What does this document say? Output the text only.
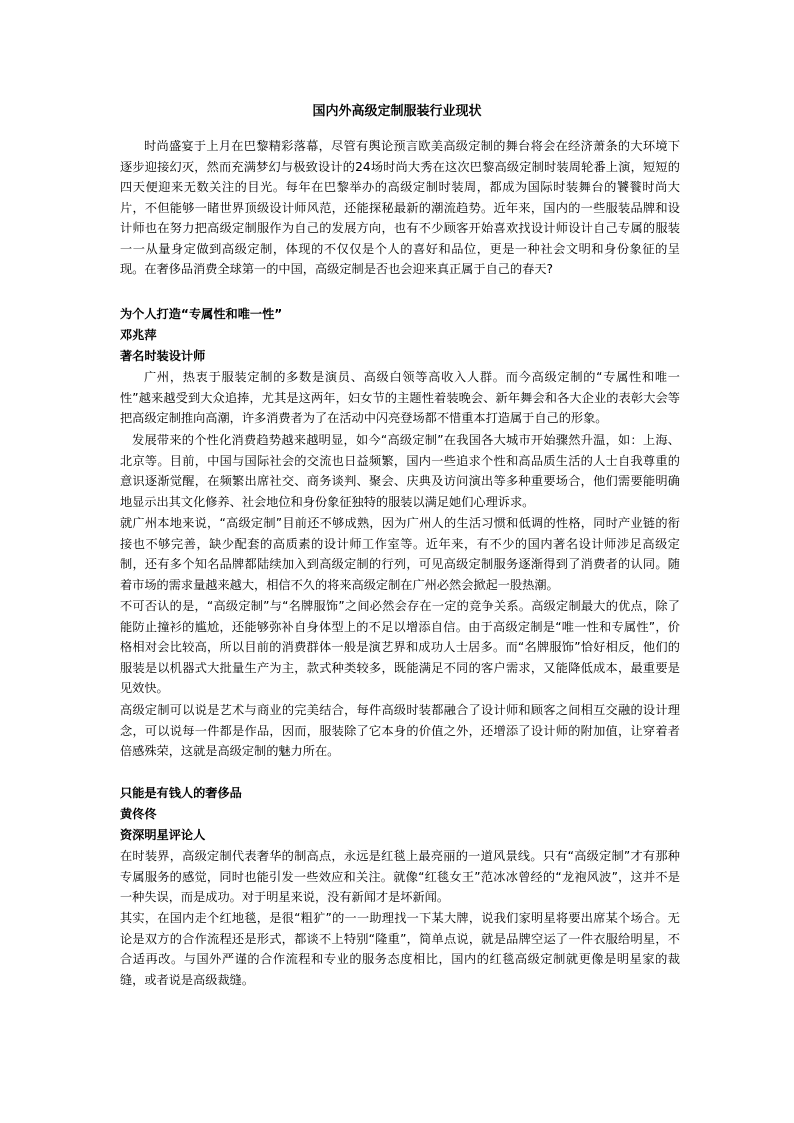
国内外高级定制服装行业现状

时尚盛宴于上月在巴黎精彩落幕，尽管有舆论预言欧美高级定制的舞台将会在经济萧条的大环境下逐步迎接幻灭，然而充满梦幻与极致设计的24场时尚大秀在这次巴黎高级定制时装周轮番上演，短短的四天便迎来无数关注的目光。每年在巴黎举办的高级定制时装周，都成为国际时装舞台的饕餮时尚大片，不但能够一睹世界顶级设计师风范，还能探秘最新的潮流趋势。近年来，国内的一些服装品牌和设计师也在努力把高级定制服作为自己的发展方向，也有不少顾客开始喜欢找设计师设计自己专属的服装一一从量身定做到高级定制，体现的不仅仅是个人的喜好和品位，更是一种社会文明和身份象征的呈现。在奢侈品消费全球第一的中国，高级定制是否也会迎来真正属于自己的春天?

为个人打造“专属性和唯一性”

邓兆萍

著名时装设计师

广州，热衷于服装定制的多数是演员、高级白领等高收入人群。而今高级定制的“专属性和唯一性”越来越受到大众追捧，尤其是这两年，妇女节的主题性着装晚会、新年舞会和各大企业的表彰大会等把高级定制推向高潮，许多消费者为了在活动中闪亮登场都不惜重本打造属于自己的形象。

发展带来的个性化消费趋势越来越明显，如今“高级定制”在我国各大城市开始骤然升温，如：上海、北京等。目前，中国与国际社会的交流也日益频繁，国内一些追求个性和高品质生活的人士自我尊重的意识逐渐觉醒，在频繁出席社交、商务谈判、聚会、庆典及访问演出等多种重要场合，他们需要能明确地显示出其文化修养、社会地位和身份象征独特的服装以满足她们心理诉求。

就广州本地来说，“高级定制”目前还不够成熟，因为广州人的生活习惯和低调的性格，同时产业链的衔接也不够完善，缺少配套的高质素的设计师工作室等。近年来，有不少的国内著名设计师涉足高级定制，还有多个知名品牌都陆续加入到高级定制的行列，可见高级定制服务逐渐得到了消费者的认同。随着市场的需求量越来越大，相信不久的将来高级定制在广州必然会掀起一股热潮。

不可否认的是，“高级定制”与“名牌服饰”之间必然会存在一定的竞争关系。高级定制最大的优点，除了能防止撞衫的尴尬，还能够弥补自身体型上的不足以增添自信。由于高级定制是“唯一性和专属性”，价格相对会比较高，所以目前的消费群体一般是演艺界和成功人士居多。而“名牌服饰”恰好相反，他们的服装是以机器式大批量生产为主，款式种类较多，既能满足不同的客户需求，又能降低成本，最重要是见效快。

高级定制可以说是艺术与商业的完美结合，每件高级时装都融合了设计师和顾客之间相互交融的设计理念，可以说每一件都是作品，因而，服装除了它本身的价值之外，还增添了设计师的附加值，让穿着者倍感殊荣，这就是高级定制的魅力所在。

只能是有钱人的奢侈品

黄佟佟

资深明星评论人

在时装界，高级定制代表奢华的制高点，永远是红毯上最亮丽的一道风景线。只有“高级定制”才有那种专属服务的感觉，同时也能引发一些效应和关注。就像“红毯女王”范冰冰曾经的“龙袍风波”，这并不是一种失误，而是成功。对于明星来说，没有新闻才是坏新闻。

其实，在国内走个红地毯，是很“粗犷”的一一助理找一下某大牌，说我们家明星将要出席某个场合。无论是双方的合作流程还是形式，都谈不上特别“隆重”，简单点说，就是品牌空运了一件衣服给明星，不合适再改。与国外严谨的合作流程和专业的服务态度相比，国内的红毯高级定制就更像是明星家的裁缝，或者说是高级裁缝。
